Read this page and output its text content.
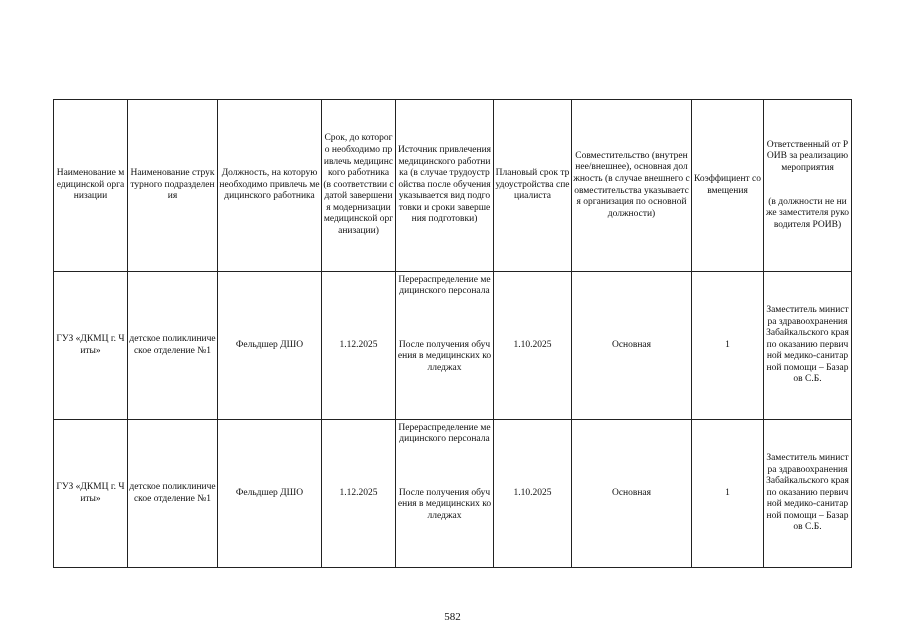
Наименование медицинской организации	Наименование структурного подразделения	Должность, на которую необходимо привлечь медицинского работника	Срок, до которого необходимо привлечь медицинского работника (в соответствии с датой завершения модернизации медицинской организации)	Источник привлечения медицинского работника (в случае трудоустройства после обучения указывается вид подготовки и сроки завершения подготовки)	Плановый срок трудоустройства специалиста	Совместительство (внутреннее/внешнее), основная должность (в случае внешнего совместительства указывается организация по основной должности)	Коэффициент совмещения	Ответственный от РОИВ за реализацию мероприятия
(в должности не ниже заместителя руководителя РОИВ)
ГУЗ «ДКМЦ г. Читы»	детское поликлиническое отделение №1	Фельдшер ДШО	1.12.2025	Перераспределение медицинского персонала
После получения обучения в медицинских колледжах	1.10.2025	Основная	1	Заместитель министра здравоохранения Забайкальского края по оказанию первичной медико-санитарной помощи – Базаров С.Б.
ГУЗ «ДКМЦ г. Читы»	детское поликлиническое отделение №1	Фельдшер ДШО	1.12.2025	Перераспределение медицинского персонала
После получения обучения в медицинских колледжах	1.10.2025	Основная	1	Заместитель министра здравоохранения Забайкальского края по оказанию первичной медико-санитарной помощи – Базаров С.Б.
582
